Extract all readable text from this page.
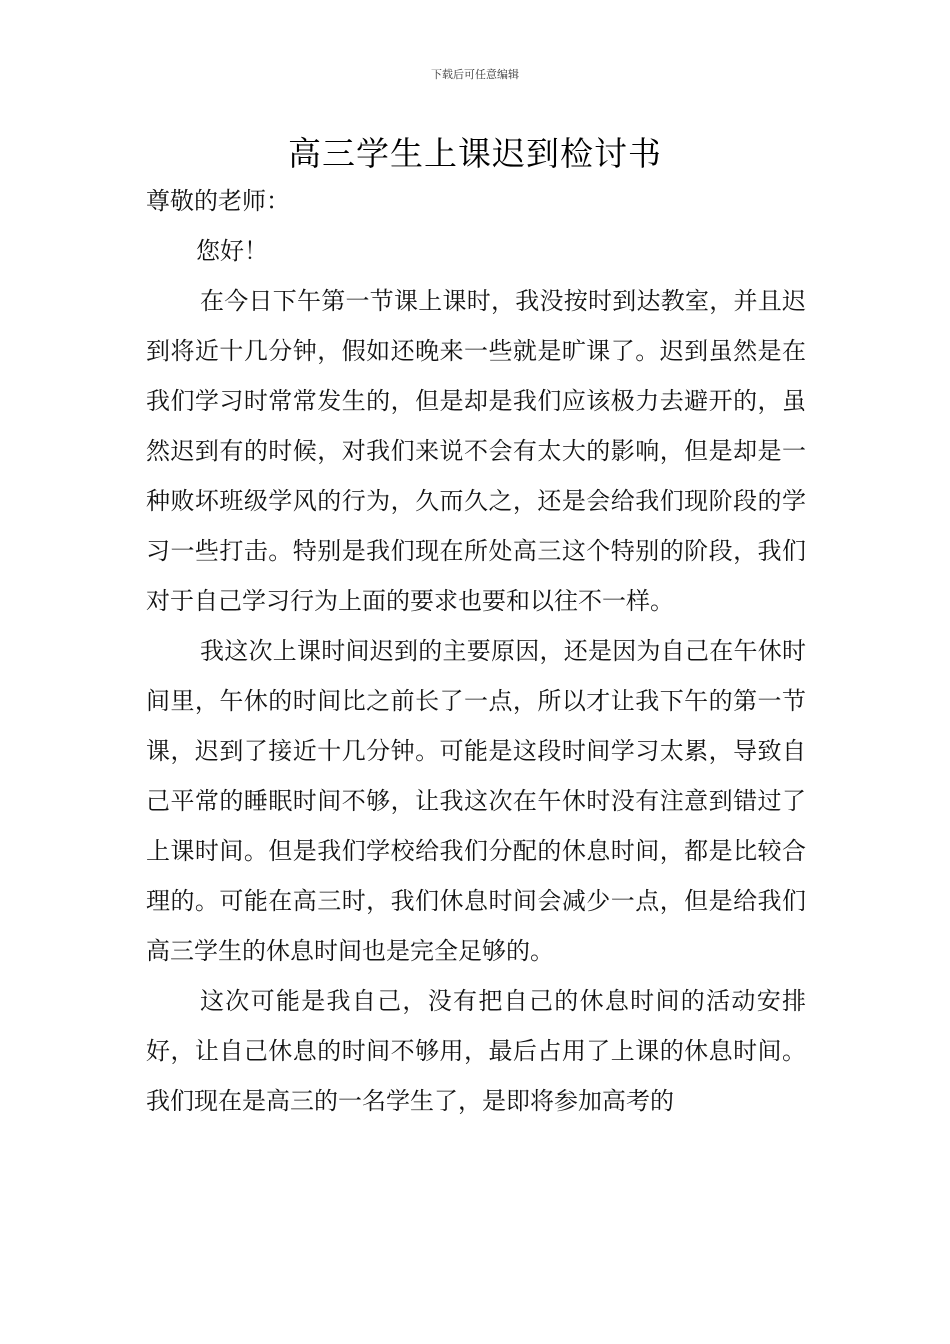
下载后可任意编辑
高三学生上课迟到检讨书

尊敬的老师：

您好！

在今日下午第一节课上课时，我没按时到达教室，并且迟到将近十几分钟，假如还晚来一些就是旷课了。迟到虽然是在我们学习时常常发生的，但是却是我们应该极力去避开的，虽然迟到有的时候，对我们来说不会有太大的影响，但是却是一种败坏班级学风的行为，久而久之，还是会给我们现阶段的学习一些打击。特别是我们现在所处高三这个特别的阶段，我们对于自己学习行为上面的要求也要和以往不一样。

我这次上课时间迟到的主要原因，还是因为自己在午休时间里，午休的时间比之前长了一点，所以才让我下午的第一节课，迟到了接近十几分钟。可能是这段时间学习太累，导致自己平常的睡眠时间不够，让我这次在午休时没有注意到错过了上课时间。但是我们学校给我们分配的休息时间，都是比较合理的。可能在高三时，我们休息时间会减少一点，但是给我们高三学生的休息时间也是完全足够的。

这次可能是我自己，没有把自己的休息时间的活动安排好，让自己休息的时间不够用，最后占用了上课的休息时间。我们现在是高三的一名学生了，是即将参加高考的
